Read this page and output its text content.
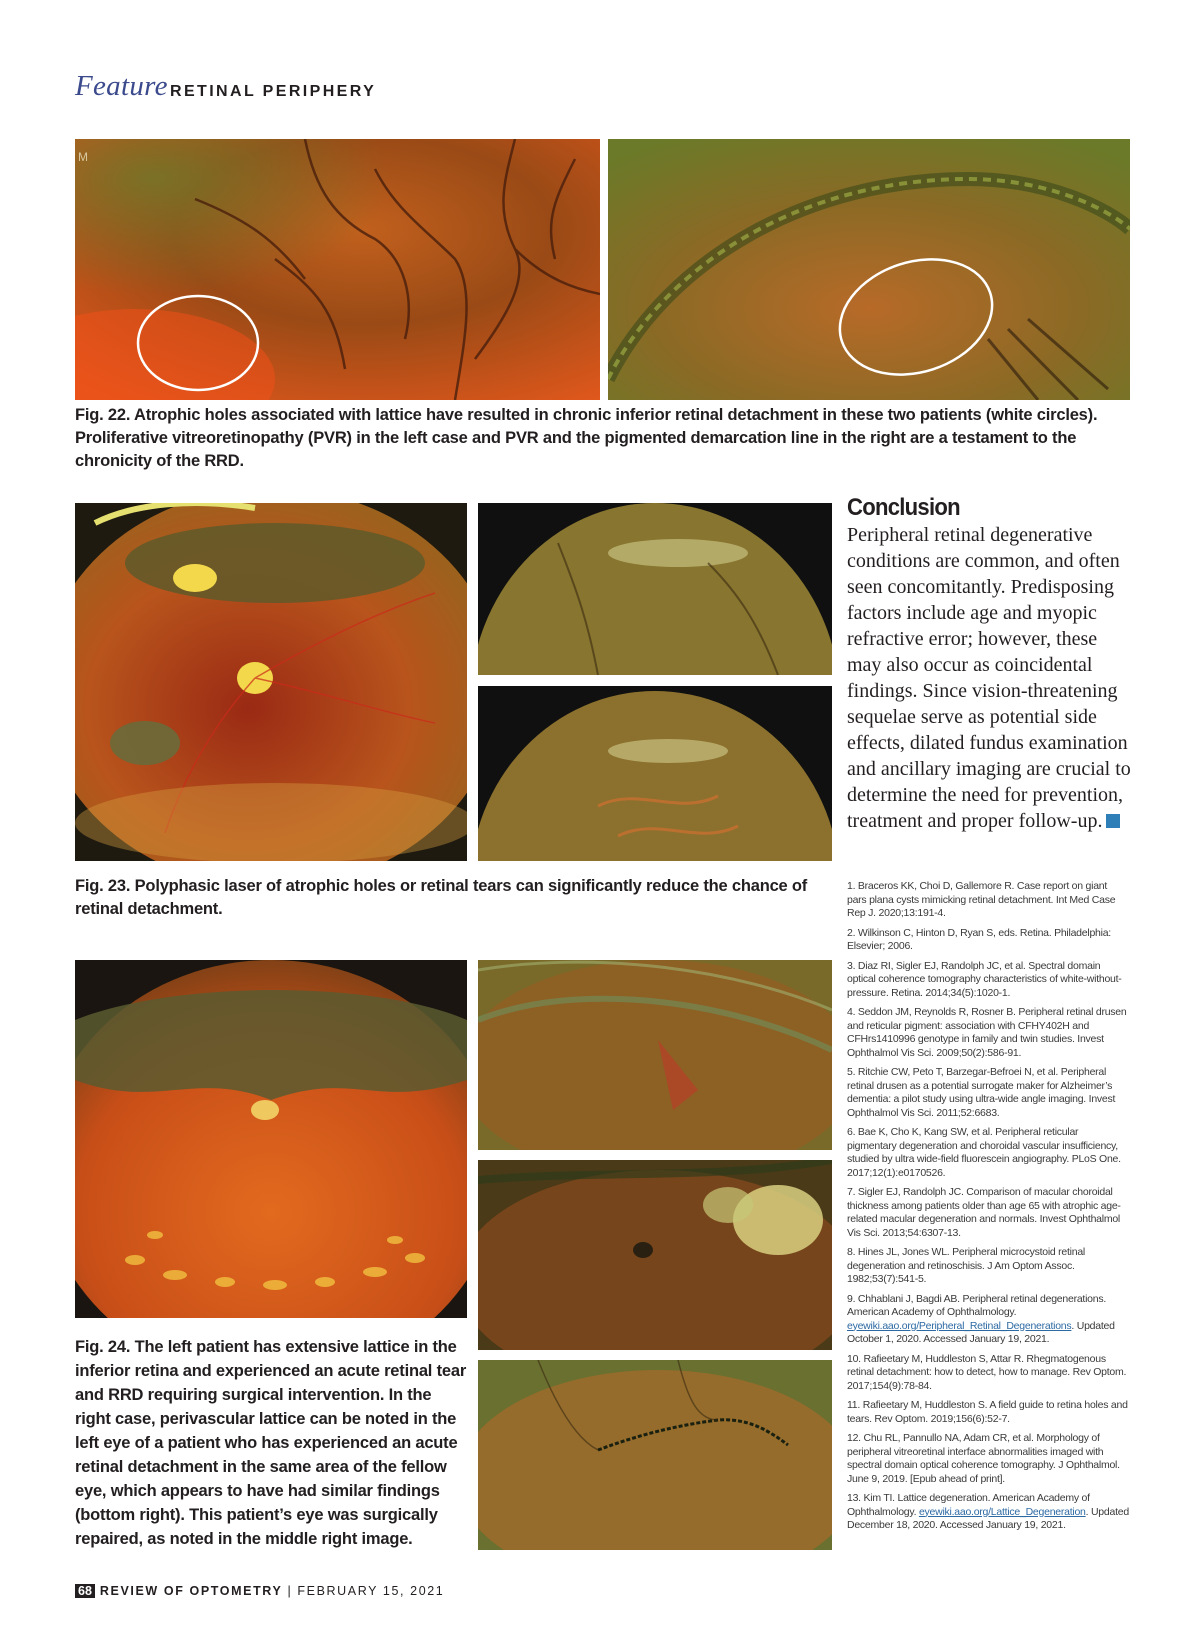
Feature RETINAL PERIPHERY
M
Fig. 22. Atrophic holes associated with lattice have resulted in chronic inferior retinal detachment in these two patients (white circles). Proliferative vitreoretinopathy (PVR) in the left case and PVR and the pigmented demarcation line in the right are a testament to the chronicity of the RRD.
Fig. 23. Polyphasic laser of atrophic holes or retinal tears can significantly reduce the chance of retinal detachment.
Fig. 24. The left patient has extensive lattice in the inferior retina and experienced an acute retinal tear and RRD requiring surgical intervention. In the right case, perivascular lattice can be noted in the left eye of a patient who has experienced an acute retinal detachment in the same area of the fellow eye, which appears to have had similar findings (bottom right). This patient’s eye was surgically repaired, as noted in the middle right image.
Conclusion
Peripheral retinal degenerative conditions are common, and often seen concomitantly. Predisposing factors include age and myopic refractive error; however, these may also occur as coincidental findings. Since vision-threatening sequelae serve as potential side effects, dilated fundus examination and ancillary imaging are crucial to determine the need for prevention, treatment and proper follow-up.
1. Braceros KK, Choi D, Gallemore R. Case report on giant pars plana cysts mimicking retinal detachment. Int Med Case Rep J. 2020;13:191-4.
2. Wilkinson C, Hinton D, Ryan S, eds. Retina. Philadelphia: Elsevier; 2006.
3. Diaz RI, Sigler EJ, Randolph JC, et al. Spectral domain optical coherence tomography characteristics of white-without-pressure. Retina. 2014;34(5):1020-1.
4. Seddon JM, Reynolds R, Rosner B. Peripheral retinal drusen and reticular pigment: association with CFHY402H and CFHrs1410996 genotype in family and twin studies. Invest Ophthalmol Vis Sci. 2009;50(2):586-91.
5. Ritchie CW, Peto T, Barzegar-Befroei N, et al. Peripheral retinal drusen as a potential surrogate maker for Alzheimer’s dementia: a pilot study using ultra-wide angle imaging. Invest Ophthalmol Vis Sci. 2011;52:6683.
6. Bae K, Cho K, Kang SW, et al. Peripheral reticular pigmentary degeneration and choroidal vascular insufficiency, studied by ultra wide-field fluorescein angiography. PLoS One. 2017;12(1):e0170526.
7. Sigler EJ, Randolph JC. Comparison of macular choroidal thickness among patients older than age 65 with atrophic age-related macular degeneration and normals. Invest Ophthalmol Vis Sci. 2013;54:6307-13.
8. Hines JL, Jones WL. Peripheral microcystoid retinal degeneration and retinoschisis. J Am Optom Assoc. 1982;53(7):541-5.
9. Chhablani J, Bagdi AB. Peripheral retinal degenerations. American Academy of Ophthalmology. eyewiki.aao.org/Peripheral_Retinal_Degenerations. Updated October 1, 2020. Accessed January 19, 2021.
10. Rafieetary M, Huddleston S, Attar R. Rhegmatogenous retinal detachment: how to detect, how to manage. Rev Optom. 2017;154(9):78-84.
11. Rafieetary M, Huddleston S. A field guide to retina holes and tears. Rev Optom. 2019;156(6):52-7.
12. Chu RL, Pannullo NA, Adam CR, et al. Morphology of peripheral vitreoretinal interface abnormalities imaged with spectral domain optical coherence tomography. J Ophthalmol. June 9, 2019. [Epub ahead of print].
13. Kim TI. Lattice degeneration. American Academy of Ophthalmology. eyewiki.aao.org/Lattice_Degeneration. Updated December 18, 2020. Accessed January 19, 2021.
68 REVIEW OF OPTOMETRY | FEBRUARY 15, 2021
